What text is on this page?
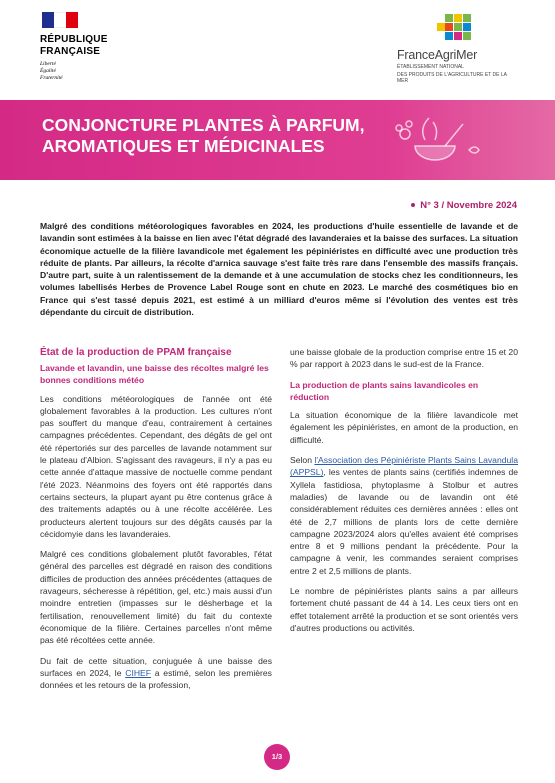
RÉPUBLIQUE
FRANÇAISE
Liberté
Égalité
Fraternité
FranceAgriMer
ÉTABLISSEMENT NATIONAL
DES PRODUITS DE L'AGRICULTURE ET DE LA MER
CONJONCTURE PLANTES À PARFUM,
AROMATIQUES ET MÉDICINALES
N° 3 / Novembre 2024

Malgré des conditions météorologiques favorables en 2024, les productions d'huile essentielle de lavande et de lavandin sont estimées à la baisse en lien avec l'état dégradé des lavanderaies et la baisse des surfaces. La situation économique actuelle de la filière lavandicole met également les pépiniéristes en difficulté avec une production très réduite de plants. Par ailleurs, la récolte d'arnica sauvage s'est faite très rare dans l'ensemble des massifs français. D'autre part, suite à un ralentissement de la demande et à une accumulation de stocks chez les conditionneurs, les volumes labellisés Herbes de Provence Label Rouge sont en chute en 2023. Le marché des cosmétiques bio en France qui s'est tassé depuis 2021, est estimé à un milliard d'euros même si l'évolution des ventes est très dépendante du circuit de distribution.

État de la production de PPAM française
Lavande et lavandin, une baisse des récoltes malgré les bonnes conditions météo

Les conditions météorologiques de l'année ont été globalement favorables à la production. Les cultures n'ont pas souffert du manque d'eau, contrairement à certaines campagnes précédentes. Cependant, des dégâts de gel ont été répertoriés sur des parcelles de lavande notamment sur le plateau d'Albion. S'agissant des ravageurs, il n'y a pas eu cette année d'attaque massive de noctuelle comme pendant l'été 2023. Néanmoins des foyers ont été rapportés dans certains secteurs, la plupart ayant pu être contenus grâce à des traitements adaptés ou à une récolte accélérée. Les producteurs alertent toujours sur des dégâts causés par la cécidomyie dans les lavanderaies.

Malgré ces conditions globalement plutôt favorables, l'état général des parcelles est dégradé en raison des conditions difficiles de production des années précédentes (attaques de ravageurs, sécheresse à répétition, gel, etc.) mais aussi d'un moindre entretien (impasses sur le désherbage et la fertilisation, renouvellement limité) du fait du contexte économique de la filière. Certaines parcelles n'ont même pas été récoltées cette année.

Du fait de cette situation, conjuguée à une baisse des surfaces en 2024, le CIHEF a estimé, selon les premières données et les retours de la profession,

une baisse globale de la production comprise entre 15 et 20 % par rapport à 2023 dans le sud-est de la France.

La production de plants sains lavandicoles en réduction

La situation économique de la filière lavandicole met également les pépiniéristes, en amont de la production, en difficulté.

Selon l'Association des Pépiniériste Plants Sains Lavandula (APPSL), les ventes de plants sains (certifiés indemnes de Xyllela fastidiosa, phytoplasme à Stolbur et autres maladies) de lavande ou de lavandin ont été considérablement réduites ces dernières années : elles ont été de 2,7 millions de plants lors de cette dernière campagne 2023/2024 alors qu'elles avaient été comprises entre 8 et 9 millions pendant la précédente. Pour la campagne à venir, les commandes seraient comprises entre 2 et 2,5 millions de plants.

Le nombre de pépiniéristes plants sains a par ailleurs fortement chuté passant de 44 à 14. Les ceux tiers ont en effet totalement arrêté la production et se sont orientés vers d'autres productions ou activités.

1/3
